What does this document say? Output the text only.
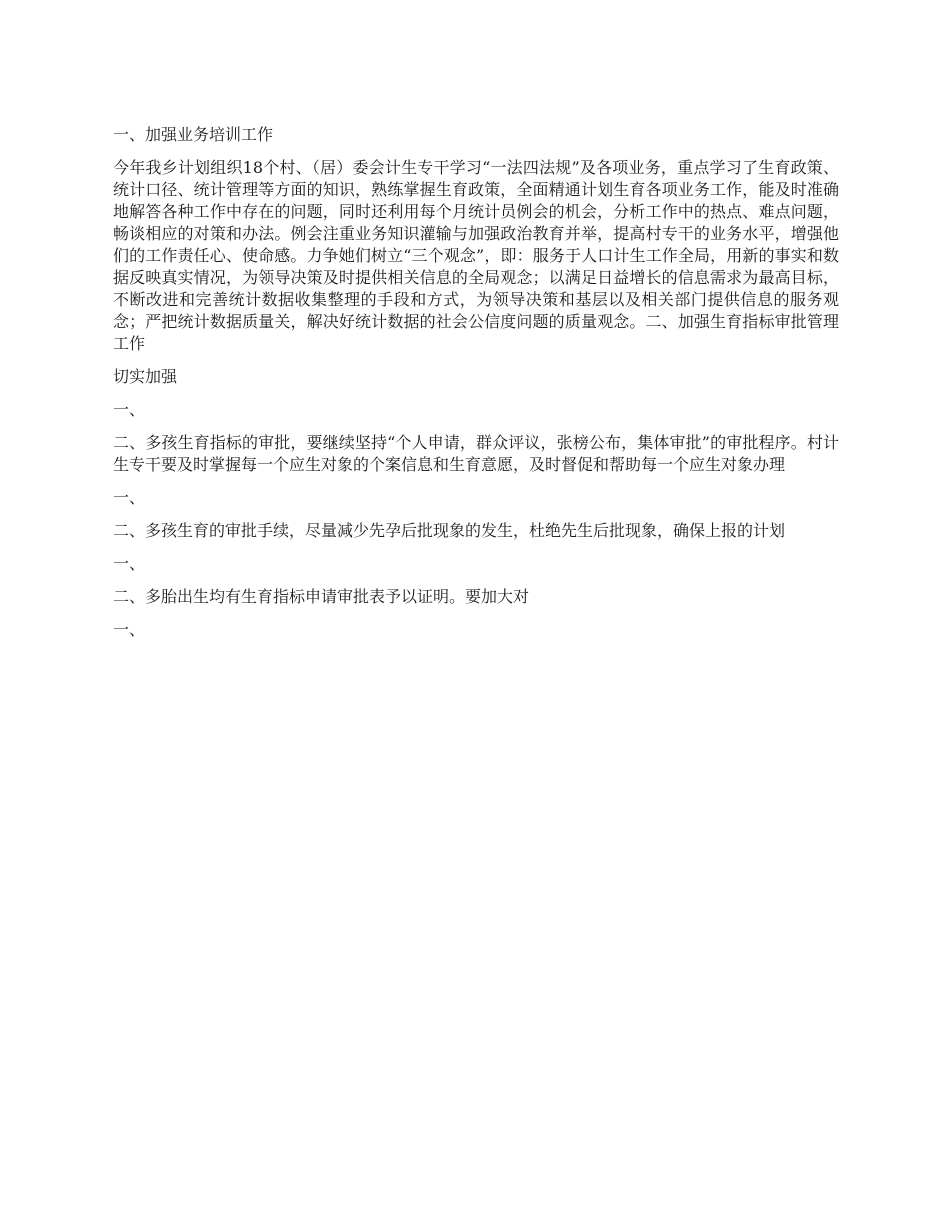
一、加强业务培训工作

今年我乡计划组织18个村、（居）委会计生专干学习“一法四法规”及各项业务，重点学习了生育政策、统计口径、统计管理等方面的知识，熟练掌握生育政策，全面精通计划生育各项业务工作，能及时准确地解答各种工作中存在的问题，同时还利用每个月统计员例会的机会，分析工作中的热点、难点问题，畅谈相应的对策和办法。例会注重业务知识灌输与加强政治教育并举，提高村专干的业务水平，增强他们的工作责任心、使命感。力争她们树立“三个观念”，即：服务于人口计生工作全局，用新的事实和数据反映真实情况，为领导决策及时提供相关信息的全局观念；以满足日益增长的信息需求为最高目标，不断改进和完善统计数据收集整理的手段和方式，为领导决策和基层以及相关部门提供信息的服务观念；严把统计数据质量关，解决好统计数据的社会公信度问题的质量观念。二、加强生育指标审批管理工作

切实加强

一、

二、多孩生育指标的审批，要继续坚持“个人申请，群众评议，张榜公布，集体审批”的审批程序。村计生专干要及时掌握每一个应生对象的个案信息和生育意愿，及时督促和帮助每一个应生对象办理

一、

二、多孩生育的审批手续，尽量减少先孕后批现象的发生，杜绝先生后批现象，确保上报的计划

一、

二、多胎出生均有生育指标申请审批表予以证明。要加大对

一、
